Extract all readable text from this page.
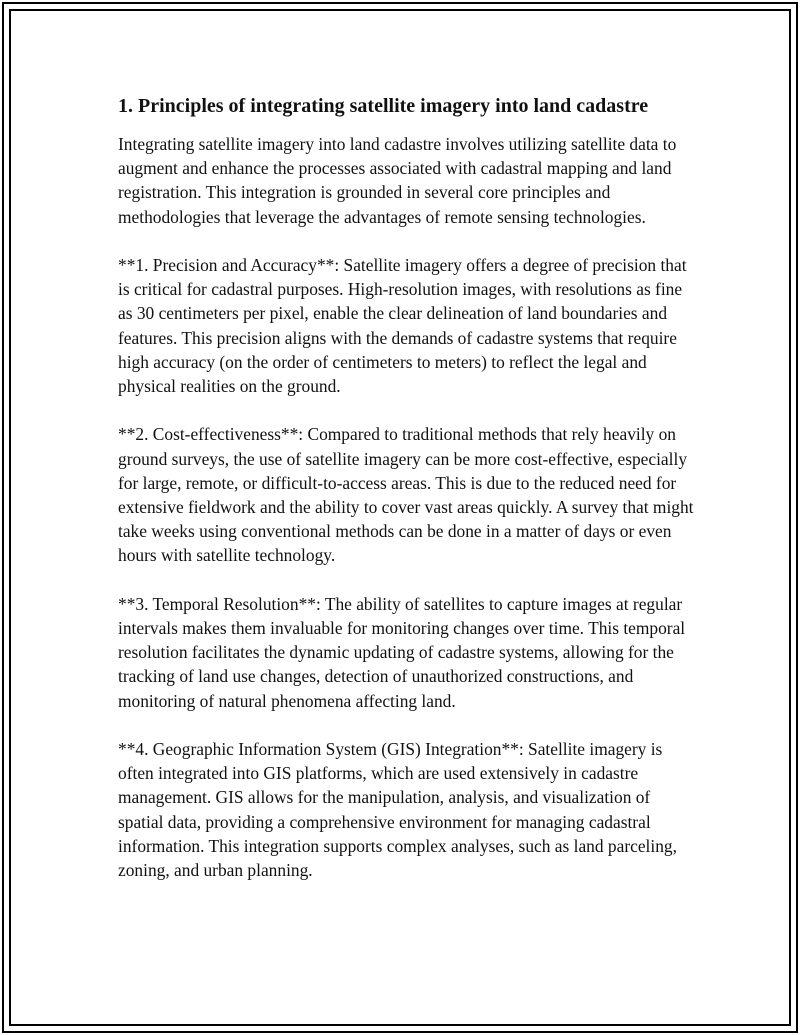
1. Principles of integrating satellite imagery into land cadastre

Integrating satellite imagery into land cadastre involves utilizing satellite data to augment and enhance the processes associated with cadastral mapping and land registration. This integration is grounded in several core principles and methodologies that leverage the advantages of remote sensing technologies.

**1. Precision and Accuracy**: Satellite imagery offers a degree of precision that is critical for cadastral purposes. High-resolution images, with resolutions as fine as 30 centimeters per pixel, enable the clear delineation of land boundaries and features. This precision aligns with the demands of cadastre systems that require high accuracy (on the order of centimeters to meters) to reflect the legal and physical realities on the ground.

**2. Cost-effectiveness**: Compared to traditional methods that rely heavily on ground surveys, the use of satellite imagery can be more cost-effective, especially for large, remote, or difficult-to-access areas. This is due to the reduced need for extensive fieldwork and the ability to cover vast areas quickly. A survey that might take weeks using conventional methods can be done in a matter of days or even hours with satellite technology.

**3. Temporal Resolution**: The ability of satellites to capture images at regular intervals makes them invaluable for monitoring changes over time. This temporal resolution facilitates the dynamic updating of cadastre systems, allowing for the tracking of land use changes, detection of unauthorized constructions, and monitoring of natural phenomena affecting land.

**4. Geographic Information System (GIS) Integration**: Satellite imagery is often integrated into GIS platforms, which are used extensively in cadastre management. GIS allows for the manipulation, analysis, and visualization of spatial data, providing a comprehensive environment for managing cadastral information. This integration supports complex analyses, such as land parceling, zoning, and urban planning.
